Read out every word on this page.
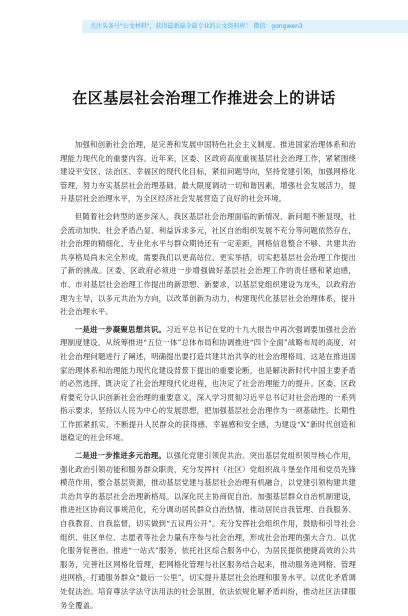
关注头条号"公文材料"，获得最新最全最专业的公文资料库！ 微信：gongwen3
在区基层社会治理工作推进会上的讲话

加强和创新社会治理，是完善和发展中国特色社会主义制度、推进国家治理体系和治理能力现代化的重要内容。近年来，区委、区政府高度重视基层社会治理工作，紧紧围绕建设平安区、法治区、幸福区的现代化目标，紧扣问题导向，坚持党建引领，加强网格化管理，努力夯实基层社会治理基础，最大限度调动一切和谐因素，增强社会发展活力，提升基层社会治理水平，为全区经济社会发展营造了良好的社会环境。

但随着社会转型的逐步深入，我区基层社会治理面临的新情况、新问题不断显现，社会流动加快、社会矛盾凸显、利益诉求多元，社区自治组织发展不充分等问题依然存在，社会治理的精细化、专业化水平与群众期待还有一定差距，网格信息整合不够、共建共治共享格局尚未完全形成，需要我们以更高站位、更实举措，切实把基层社会治理工作提出了新的挑战。区委、区政府必须进一步增强做好基层社会治理工作的责任感和紧迫感，市、市对基层社会治理工作提出的新思想、新要求，以基层党组织建设为龙头，以政府治理为主导，以多元共治为方向，以改革创新为动力，构建现代化基层社会治理体系，提升社会治理水平。

一是进一步凝聚思想共识。习近平总书记在党的十九大报告中再次强调要加强社会治理制度建设，从统筹推进“五位一体”总体布局和协调推进“四个全面”战略布局的高度，对社会治理问题进行了阐述，明确提出要打造共建共治共享的社会治理格局，这是在推进国家治理体系和治理能力现代化建设背景下提出的重要论断，也是解决新时代中国主要矛盾的必然选择，既决定了社会治理现代化进程，也决定了社会治理能力的提升。区委、区政府要充分认识创新社会治理的重要意义，深入学习贯彻习近平总书记对社会治理的一系列指示要求，坚持以人民为中心的发展思想，把加强基层社会治理作为一项基础性、长期性工作抓紧抓实，不断提升人民群众的获得感、幸福感和安全感，为建设“X”新时代创造和谐稳定的社会环境。

二是进一步推进多元治理。以强化党建引领促共治。突出基层党组织领导核心作用，强化政治引领功能和服务群众职责，充分发挥村（社区）党组织战斗堡垒作用和党员先锋模范作用，整合基层资源，推动基层党建与基层社会治理有机融合，以党建引领构建共建共治共享的基层社会治理新格局。以深化民主协商促自治。加强基层群众自治机制建设，推进社区协商议事规范化，充分调动居民群众自治热情，推动居民自我管理、自我服务、自我教育、自我监督，切实做到“五议两公开”。充分发挥社会组织作用，鼓励和引导社会组织、驻区单位、志愿者等社会力量有序参与社会治理，形成社会治理的强大合力。以优化服务促善治。推进“一站式”服务，依托社区综合服务中心，为居民提供便捷高效的公共服务，完善社区网格化管理，把网格化管理与社区服务结合起来，推动服务进网格、管理进网格，打通服务群众“最后一公里”，切实提升基层社会治理和服务水平。以优化矛盾调处促法治。培育尊法学法守法用法的社会氛围，依法依规化解矛盾纠纷，推动社区法律服务全覆盖。
